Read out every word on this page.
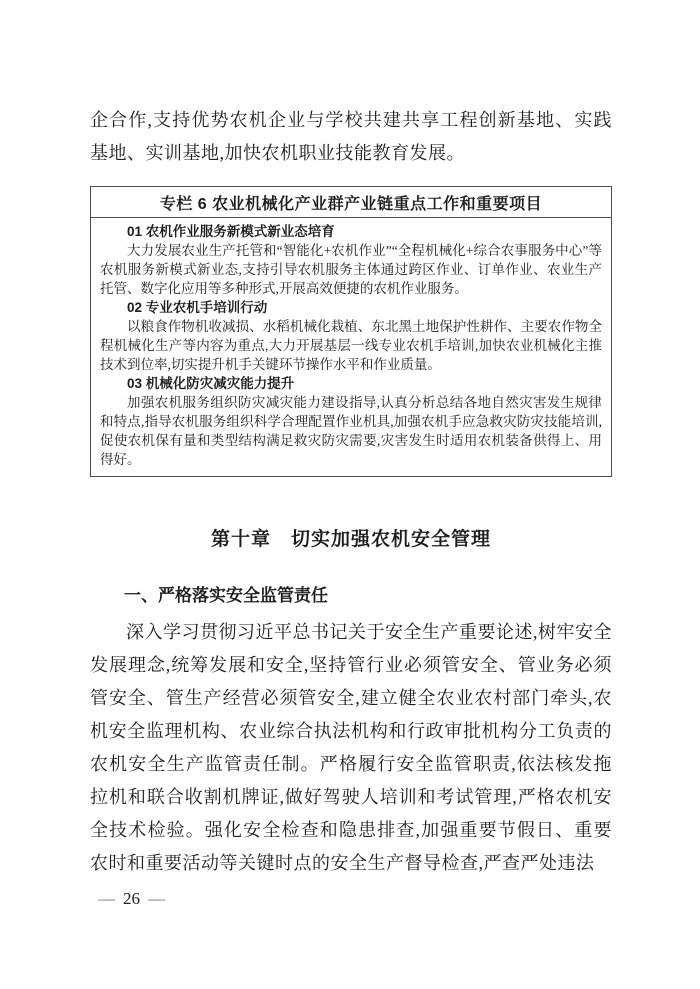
企合作,支持优势农机企业与学校共建共享工程创新基地、实践基地、实训基地,加快农机职业技能教育发展。

专栏 6 农业机械化产业群产业链重点工作和重要项目
01 农机作业服务新模式新业态培育
大力发展农业生产托管和“智能化+农机作业”“全程机械化+综合农事服务中心”等农机服务新模式新业态,支持引导农机服务主体通过跨区作业、订单作业、农业生产托管、数字化应用等多种形式,开展高效便捷的农机作业服务。
02 专业农机手培训行动
以粮食作物机收减损、水稻机械化栽植、东北黑土地保护性耕作、主要农作物全程机械化生产等内容为重点,大力开展基层一线专业农机手培训,加快农业机械化主推技术到位率,切实提升机手关键环节操作水平和作业质量。
03 机械化防灾减灾能力提升
加强农机服务组织防灾减灾能力建设指导,认真分析总结各地自然灾害发生规律和特点,指导农机服务组织科学合理配置作业机具,加强农机手应急救灾防灾技能培训,促使农机保有量和类型结构满足救灾防灾需要,灾害发生时适用农机装备供得上、用得好。
第十章　切实加强农机安全管理
一、严格落实安全监管责任

深入学习贯彻习近平总书记关于安全生产重要论述,树牢安全发展理念,统筹发展和安全,坚持管行业必须管安全、管业务必须管安全、管生产经营必须管安全,建立健全农业农村部门牵头,农机安全监理机构、农业综合执法机构和行政审批机构分工负责的农机安全生产监管责任制。严格履行安全监管职责,依法核发拖拉机和联合收割机牌证,做好驾驶人培训和考试管理,严格农机安全技术检验。强化安全检查和隐患排查,加强重要节假日、重要农时和重要活动等关键时点的安全生产督导检查,严查严处违法

— 26 —
